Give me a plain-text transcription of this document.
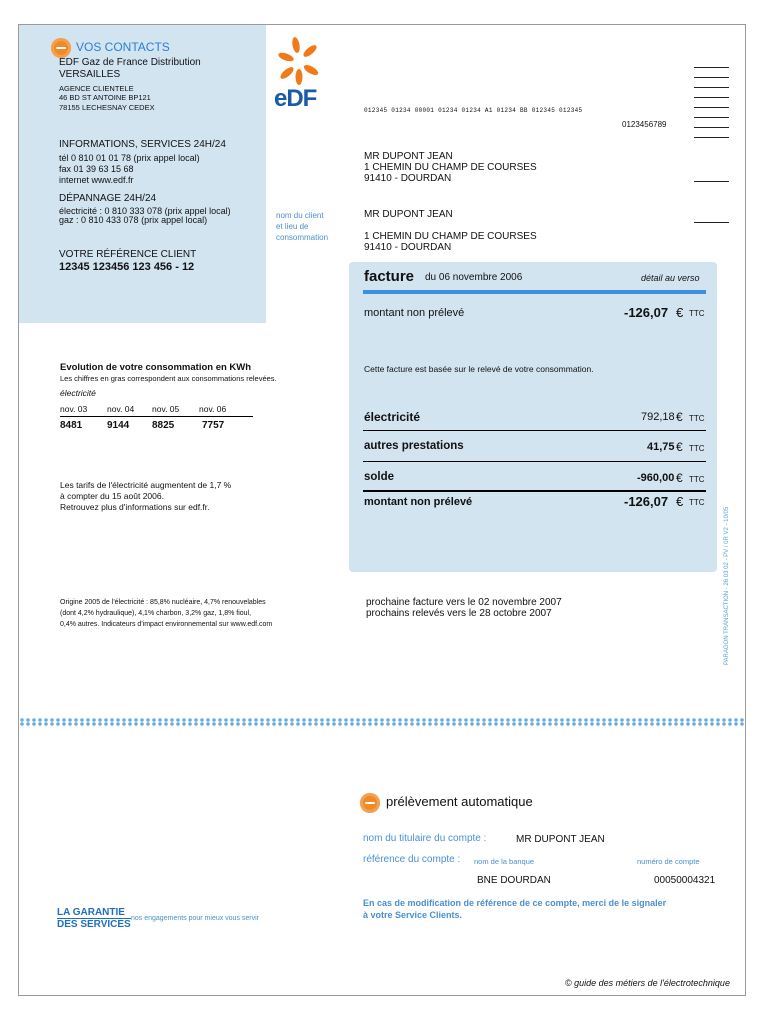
VOS CONTACTS
EDF Gaz de France Distribution
VERSAILLES
AGENCE CLIENTELE
46 BD ST ANTOINE BP121
78155 LECHESNAY CEDEX
INFORMATIONS, SERVICES 24H/24
tél 0 810 01 01 78 (prix appel local)
fax 01 39 63 15 68
internet www.edf.fr
DÉPANNAGE 24H/24
électricité : 0 810 333 078 (prix appel local)
gaz : 0 810 433 078 (prix appel local)
VOTRE RÉFÉRENCE CLIENT
12345 123456 123 456 - 12
eDF	012345 01234 00001 01234 01234 A1 01234 BB 012345 012345
0123456789
MR DUPONT JEAN
1 CHEMIN DU CHAMP DE COURSES
91410 - DOURDAN
nom du client
et lieu de
consommation
MR DUPONT JEAN
1 CHEMIN DU CHAMP DE COURSES
91410 - DOURDAN
facture du 06 novembre 2006	détail au verso
montant non prélevé	-126,07 € TTC
Cette facture est basée sur le relevé de votre consommation.
électricité	792,18 € TTC
autres prestations	41,75 € TTC
solde	-960,00 € TTC
montant non prélevé	-126,07 € TTC
Evolution de votre consommation en KWh
Les chiffres en gras correspondent aux consommations relevées.
électricité
nov. 03 nov. 04 nov. 05 nov. 06
8481 9144 8825	7757
Les tarifs de l'électricité augmentent de 1,7 %
à compter du 15 août 2006.
Retrouvez plus d'informations sur edf.fr.
Origine 2005 de l'électricité : 85,8% nucléaire, 4,7% renouvelables
(dont 4,2% hydraulique), 4,1% charbon, 3,2% gaz, 1,8% fioul,
0,4% autres. Indicateurs d'impact environnemental sur www.edf.com
prochaine facture vers le 02 novembre 2007
prochains relevés vers le 28 octobre 2007	PARAGON TRANSACTION - 26 03 02 - PV / 0R V2 - 10/05
prélèvement automatique
nom du titulaire du compte :	MR DUPONT JEAN
référence du compte : nom de la banque	numéro de compte
BNE DOURDAN	00050004321
En cas de modification de référence de ce compte, merci de le signaler
à votre Service Clients.
LA GARANTIE
DES SERVICES
nos engagements pour mieux vous servir
© guide des métiers de l'électrotechnique
